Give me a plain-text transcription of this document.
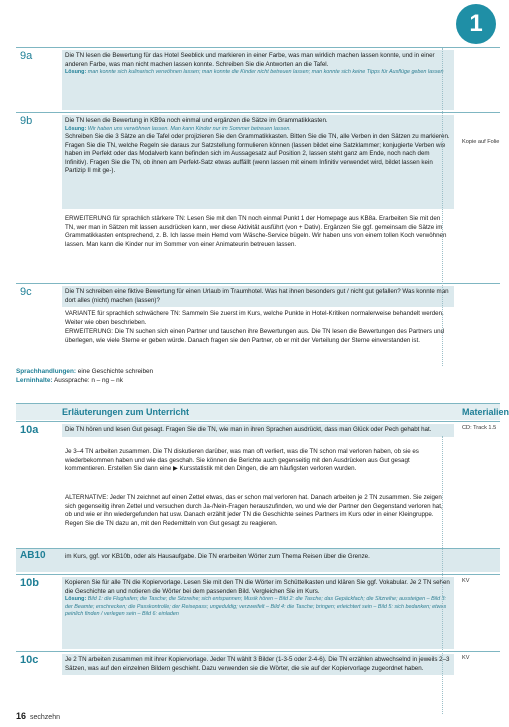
1
9a	Die TN lesen die Bewertung für das Hotel Seeblick und markieren in einer Farbe, was man wirklich machen lassen konnte, und in einer anderen Farbe, was man nicht machen lassen konnte. Schreiben Sie die Antworten an die Tafel.
Lösung: man konnte sich kulinarisch verwöhnen lassen; man konnte die Kinder nicht betreuen lassen; man konnte sich keine Tipps für Ausflüge geben lassen
9b	Die TN lesen die Bewertung in KB9a noch einmal und ergänzen die Sätze im Grammatikkasten.
Lösung: Wir haben uns verwöhnen lassen. Man kann Kinder nur im Sommer betreuen lassen.
Schreiben Sie die 3 Sätze an die Tafel oder projizieren Sie den Grammatikkasten. Bitten Sie die TN, alle Verben in den Sätzen zu markieren. Fragen Sie die TN, welche Regeln sie daraus zur Satzstellung formulieren können (lassen bildet eine Satzklammer; konjugierte Verben wie haben im Perfekt oder das Modalverb kann befinden sich im Aussagesatz auf Position 2, lassen steht ganz am Ende, noch nach dem Infinitiv). Fragen Sie die TN, ob ihnen am Perfekt-Satz etwas auffällt (wenn lassen mit einem Infinitiv verwendet wird, bildet lassen kein Partizip II mit ge-).
ERWEITERUNG für sprachlich stärkere TN: Lesen Sie mit den TN noch einmal Punkt 1 der Homepage aus KB8a. Erarbeiten Sie mit den TN, wer man in Sätzen mit lassen ausdrücken kann, wer diese Aktivität ausführt (von + Dativ). Ergänzen Sie ggf. gemeinsam die Sätze im Grammatikkasten entsprechend, z. B. Ich lasse mein Hemd vom Wäsche-Service bügeln. Wir haben uns von einem tollen Koch verwöhnen lassen. Man kann die Kinder nur im Sommer von einer Animateurin betreuen lassen.
Kopie auf Folie
9c	Die TN schreiben eine fiktive Bewertung für einen Urlaub im Traumhotel. Was hat ihnen besonders gut / nicht gut gefallen? Was konnte man dort alles (nicht) machen (lassen)?
VARIANTE für sprachlich schwächere TN: Sammeln Sie zuerst im Kurs, welche Punkte in Hotel-Kritiken normalerweise behandelt werden. Weiter wie oben beschrieben.
ERWEITERUNG: Die TN suchen sich einen Partner und tauschen ihre Bewertungen aus. Die TN lesen die Bewertungen des Partners und überlegen, wie viele Sterne er geben würde. Danach fragen sie den Partner, ob er mit der Verteilung der Sterne einverstanden ist.
Sprachhandlungen: eine Geschichte schreiben
Lerninhalte: Aussprache: n – ng – nk
Erläuterungen zum Unterricht	Materialien
10a	Die TN hören und lesen Gut gesagt. Fragen Sie die TN, wie man in ihren Sprachen ausdrückt, dass man Glück oder Pech gehabt hat.
Je 3–4 TN arbeiten zusammen. Die TN diskutieren darüber, was man oft verliert, was die TN schon mal verloren haben, ob sie es wiederbekommen haben und wie das geschah. Sie können die Berichte auch gegenseitig mit den Ausdrücken aus Gut gesagt kommentieren. Erstellen Sie dann eine ▶ Kursstatistik mit den Dingen, die am häufigsten verloren wurden.
ALTERNATIVE: Jeder TN zeichnet auf einen Zettel etwas, das er schon mal verloren hat. Danach arbeiten je 2 TN zusammen. Sie zeigen sich gegenseitig ihren Zettel und versuchen durch Ja-/Nein-Fragen herauszufinden, wo und wie der Partner den Gegenstand verloren hat, ob und wie er ihn wiedergefunden hat usw. Danach erzählt jeder TN die Geschichte seines Partners im Kurs oder in einer Kleingruppe. Regen Sie die TN dazu an, mit den Redemitteln von Gut gesagt zu reagieren.
CD: Track 1.5
AB10	im Kurs, ggf. vor KB10b, oder als Hausaufgabe. Die TN erarbeiten Wörter zum Thema Reisen über die Grenze.
10b	Kopieren Sie für alle TN die Kopiervorlage. Lesen Sie mit den TN die Wörter im Schüttelkasten und klären Sie ggf. Vokabular. Je 2 TN sehen die Geschichte an und notieren die Wörter bei dem passenden Bild. Vergleichen Sie im Kurs.
Lösung: Bild 1: die Flughafen; die Tasche; die Sitzreihe; sich entspannen; Musik hören – Bild 2: die Tasche; das Gepäckfach; die Sitzreihe; aussteigen – Bild 3: der Beamte; erschrecken; die Passkontrolle; der Reisepass; ungeduldig; verzweifelt – Bild 4: die Tasche; bringen; erleichtert sein – Bild 5: sich bedanken; etwas peinlich finden / verlegen sein – Bild 6: einladen
KV
10c	Je 2 TN arbeiten zusammen mit ihrer Kopiervorlage. Jeder TN wählt 3 Bilder (1-3-5 oder 2-4-6). Die TN erzählen abwechselnd in jeweils 2–3 Sätzen, was auf den einzelnen Bildern geschieht. Dazu verwenden sie die Wörter, die sie auf der Kopiervorlage zugeordnet haben.
KV
16 sechzehn
